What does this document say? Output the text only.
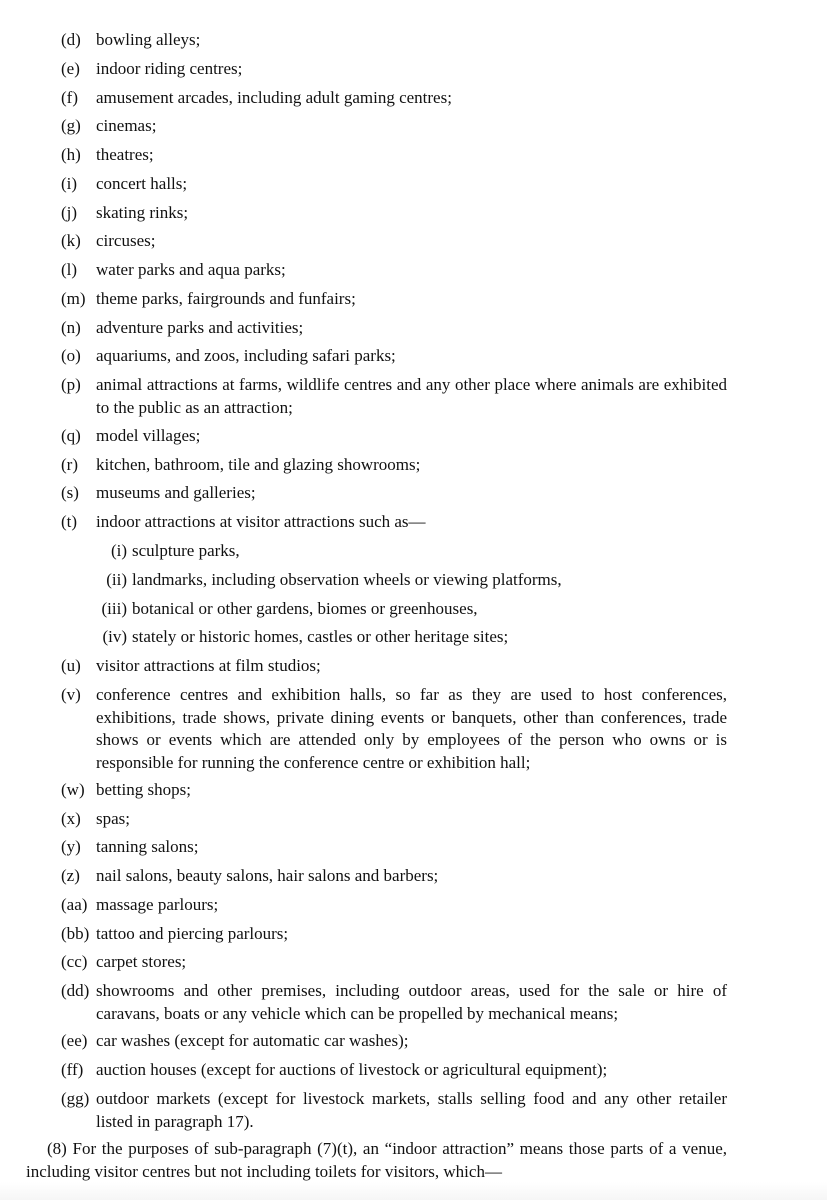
(d) bowling alleys;
(e) indoor riding centres;
(f) amusement arcades, including adult gaming centres;
(g) cinemas;
(h) theatres;
(i) concert halls;
(j) skating rinks;
(k) circuses;
(l) water parks and aqua parks;
(m) theme parks, fairgrounds and funfairs;
(n) adventure parks and activities;
(o) aquariums, and zoos, including safari parks;
(p) animal attractions at farms, wildlife centres and any other place where animals are exhibited to the public as an attraction;
(q) model villages;
(r) kitchen, bathroom, tile and glazing showrooms;
(s) museums and galleries;
(t) indoor attractions at visitor attractions such as—
(i) sculpture parks,
(ii) landmarks, including observation wheels or viewing platforms,
(iii) botanical or other gardens, biomes or greenhouses,
(iv) stately or historic homes, castles or other heritage sites;
(u) visitor attractions at film studios;
(v) conference centres and exhibition halls, so far as they are used to host conferences, exhibitions, trade shows, private dining events or banquets, other than conferences, trade shows or events which are attended only by employees of the person who owns or is responsible for running the conference centre or exhibition hall;
(w) betting shops;
(x) spas;
(y) tanning salons;
(z) nail salons, beauty salons, hair salons and barbers;
(aa) massage parlours;
(bb) tattoo and piercing parlours;
(cc) carpet stores;
(dd) showrooms and other premises, including outdoor areas, used for the sale or hire of caravans, boats or any vehicle which can be propelled by mechanical means;
(ee) car washes (except for automatic car washes);
(ff) auction houses (except for auctions of livestock or agricultural equipment);
(gg) outdoor markets (except for livestock markets, stalls selling food and any other retailer listed in paragraph 17).
(8) For the purposes of sub-paragraph (7)(t), an “indoor attraction” means those parts of a venue, including visitor centres but not including toilets for visitors, which—
